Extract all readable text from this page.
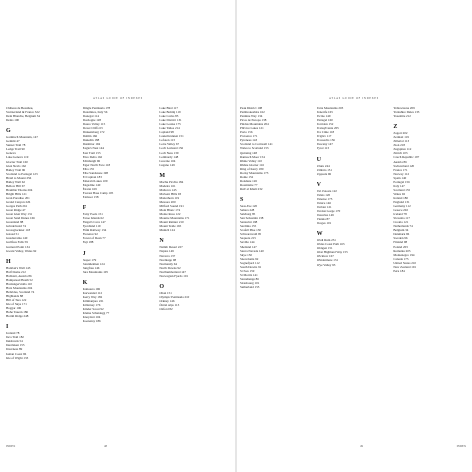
ATLAS GUIDE OF INDEXES
Château de Beaulieu,
Switzerland & France 322
Dent Blanche, Belgium 34
Dents 100

G
Garmisch Mountain, 147
Gemmi 47
Sunset Trail 78
Ledge Trail 90
Geneva
Lake Geneva 119
Glacier Trail 160
Glen Nevis 162
Bailey Trail 96
Scotland to Portugal 123
Braid to Mount 256
Bailey Wall 62
Bellow Hill 67
Bramble Thorns 204
Bright Hills 121
Gran Paradiso 201
Grand Canyon 226
Gorges Path 261
Great Ridge 47
Great Glen Way 131
Great Sand Dunes 166
Greenland 88
Grindelwald 74
Grossglockner 118
Gstaad 51
Guadarrama 140
Gullfoss Falls 59
Gurnard Point 134
Gwent Valley, Wales 92

H
Hadrian's Wall 143
Half Dome 212
Hallstatt, Austria 86
Hampstead Heath 52
Hardangervidda 110
Harz Mountains 204
Hebrides, Scotland 74
Highlands 88
Hill of Tara 122
Isle of Skye 171
Hoggar 106
Hohe Tauern 186
Hornli Ridge 248

I
Iceland 78
Inca Trail 182
Innsbruck 54
Interlaken 155
Inverness 89
Ionian Coast 96
Isle of Wight 133
Dingle Peninsula 178
Dolomites, Italy 56
Donegal 114
Dordogne 128
Douro Valley 115
Dover Cliffs 63
Drakensberg 172
Dublin 166
Dunedin 188
Durmitor 194
Eagle's Nest 144
East Trail 155
Ebro Delta 162
Edinburgh 96
Eiger North Face 118
Elba 155
Elbe Sandstone 198
El Capitan 183
Emerald Lakes 109
Engadine 140
Étretat 169
Everest Base Camp 105
Exmoor 158

F
Fairy Pools 151
Faroe Islands 62
Fingal's Cave 147
Fjordland 119
Flåm Railway 134
Florence 92
Forest of Dean 77
Fuji 188

J
Jasper 179
Jotunheimen 124
Jungfrau 146
Jura Mountains 105

K
Kaikoura 196
Karwendel 112
Kerry Way 182
Kilimanjaro 221
Killarney 176
Kinder Scout 92
Kleine Scheidegg 77
Knoydart 104
Kootenay 186
Lake Bled 117
Lake Bohinj 119
Lake Como 85
Lake District 131
Lake Louise 175
Lake Tahoe 214
Lapland 98
Lauterbrunnen 151
Lofoten 113
Loire Valley 67
Loch Lomond 156
Loch Ness 139
Lombardy 148
Lucerne 104
Lugano 149

M
Machu Picchu 184
Madeira 161
Mallorca 145
Malvern Hills 93
Matterhorn 119
Meteora 200
Milford Sound 191
Mont Blanc 174
Monte Rosa 122
Mourne Mountains 171
Mount Rainier 210
Mount Teide 165
Munich 124

N
Namib Desert 227
Naples 149
Navarra 137
Nordkapp 98
Normandy 64
North Downs 92
Northumberland 147
Norwegian Fjords 101

O
Oban 151
Olympic Peninsula 210
Orkney 146
Ötztal Alps 113
Oxford 82
INDEX	48
ATLAS GUIDE OF INDEXES
Peak District 108
Pembrokeshire 162
Pennine Way 134
Picos de Europa 138
Pindus Mountains 204
Plitvice Lakes 121
Porto 156
Provence 171
Pyrenees 143
Scotland to Cornwall 141
Wales to Scotland 153
Quiraing 148
Rannoch Moor 154
Rhine Valley 110
Rhône Glacier 116
Ring of Kerry 180
Rocky Mountains 173
Rome 152
Rondane 126
Rossinière 77
Rub' al Khali 232

S
Saas-Fee 120
Sahara 228
Salzburg 85
San Sebastián 138
Santorini 198
Sardinia 155
Scafell Pike 130
Schwarzwald 95
Sequoia 215
Seville 144
Shetland 147
Sierra Nevada 140
Skye 150
Snowdonia 92
Sognefjord 112
South Downs 91
St Ives 159
St Moritz 141
Stonehenge 86
Strasbourg 101
Sutherland 155
Tatra Mountains 203
Tenerife 165
Ticino 149
Tintagel 160
Torridon 152
Transylvania 205
Tre Cime 118
Triglav 117
Trossachs 156
Tuscany 147
Tyrol 113

U
Uluru 244
Umbria 151
Uppsala 96

V
Val d'Aosta 122
Valais 120
Vanoise 175
Venice 146
Verbier 121
Verdon Gorge 170
Vesuvius 149
Vienna 87
Vosges 101

W
Wadi Rum 231
Wales Coast Path 163
Wengen 151
West Highland Way 155
Wicklow 167
Windermere 131
Wye Valley 93
Yellowstone 209
Yorkshire Dales 133
Yosemite 212

Z
Zagori 202
Zermatt 119
Zillertal 113
Zion 218
Zugspitze 112
Zürich 103
Czech Republic 197
Austria 86
Switzerland 120
France 171
Norway 112
Spain 140
Portugal 156
Italy 147
Scotland 155
Wales 92
Ireland 180
England 131
Germany 112
Greece 202
Iceland 78
Slovenia 117
Croatia 121
Netherlands 74
Belgium 34
Denmark 96
Sweden 96
Finland 98
Poland 203
Romania 205
Montenegro 194
Canada 175
United States 210
New Zealand 191
Peru 184
49	INDEX
